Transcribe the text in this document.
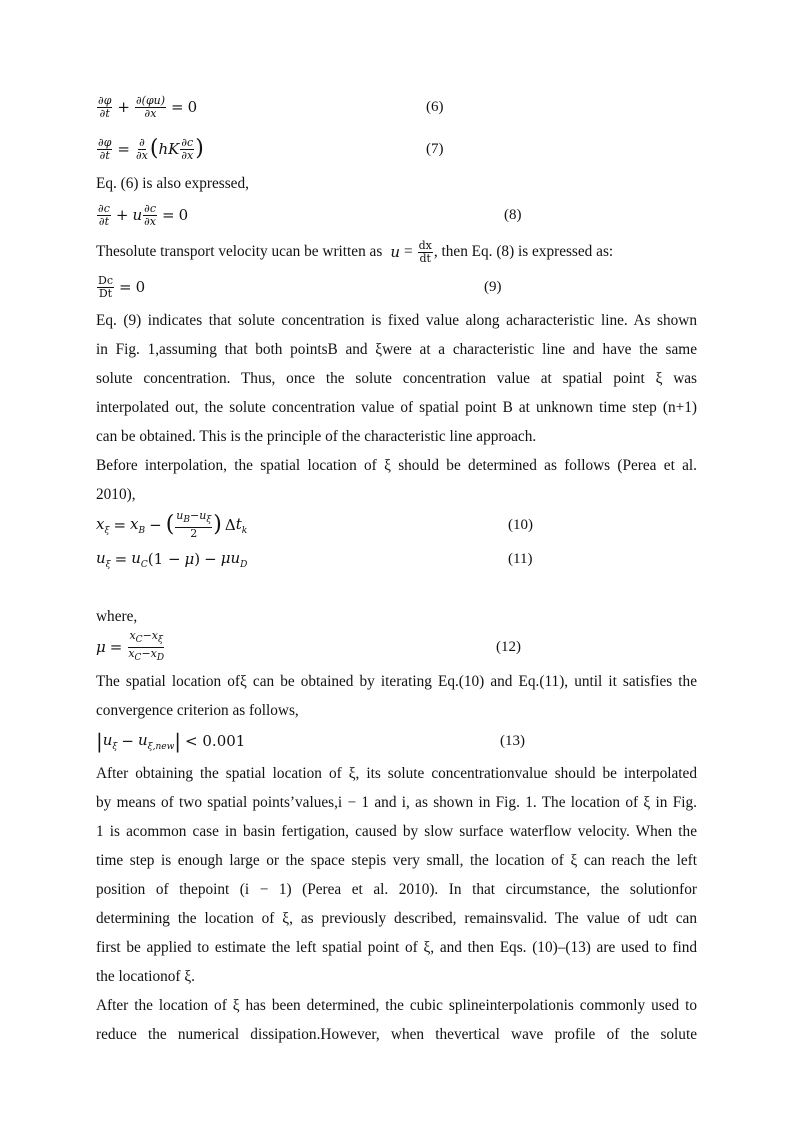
$\frac{\partial\varphi}{\partial t} + \frac{\partial(\varphi u)}{\partial x} = 0$	(6)
$\frac{\partial\varphi}{\partial t} = \frac{\partial}{\partial x}$ ( hK $\frac{\partial c}{\partial x}$ )	(7)
Eq. (6) is also expressed,
$\frac{\partial c}{\partial t} + u \frac{\partial c}{\partial x} = 0$	(8)
Thesolute transport velocity ucan be written as $u = \frac{dx}{dt}$ , then Eq. (8) is expressed as:
$\frac{Dc}{Dt} = 0$	(9)
Eq. (9) indicates that solute concentration is fixed value along acharacteristic line. As shown
in Fig. 1,assuming that both pointsB and ξwere at a characteristic line and have the same
solute concentration. Thus, once the solute concentration value at spatial point ξ was
interpolated out, the solute concentration value of spatial point B at unknown time step (n+1)
can be obtained. This is the principle of the characteristic line approach.
Before interpolation, the spatial location of ξ should be determined as follows (Perea et al.
2010),
$x_\xi = x_B$ − ( $\frac{u_B-u_\xi}{2}$ ) Δ $t_k$	(10)
$u_\xi = u_C$ (1 − μ ) − $\mu u_D$	(11)
where,
$\mu = \frac{x_C-x_\xi}{x_C-x_D}$	(12)
The spatial location ofξ can be obtained by iterating Eq.(10) and Eq.(11), until it satisfies the
convergence criterion as follows,
| $u_\xi - u_{\xi,new}$ | < 0.001	(13)
After obtaining the spatial location of ξ, its solute concentrationvalue should be interpolated
by means of two spatial points’values,i − 1 and i, as shown in Fig. 1. The location of ξ in Fig.
1 is acommon case in basin fertigation, caused by slow surface waterflow velocity. When the
time step is enough large or the space stepis very small, the location of ξ can reach the left
position of thepoint (i − 1) (Perea et al. 2010). In that circumstance, the solutionfor
determining the location of ξ, as previously described, remainsvalid. The value of udt can
first be applied to estimate the left spatial point of ξ, and then Eqs. (10)–(13) are used to find
the locationof ξ.
After the location of ξ has been determined, the cubic splineinterpolationis commonly used to
reduce the numerical dissipation.However, when thevertical wave profile of the solute
